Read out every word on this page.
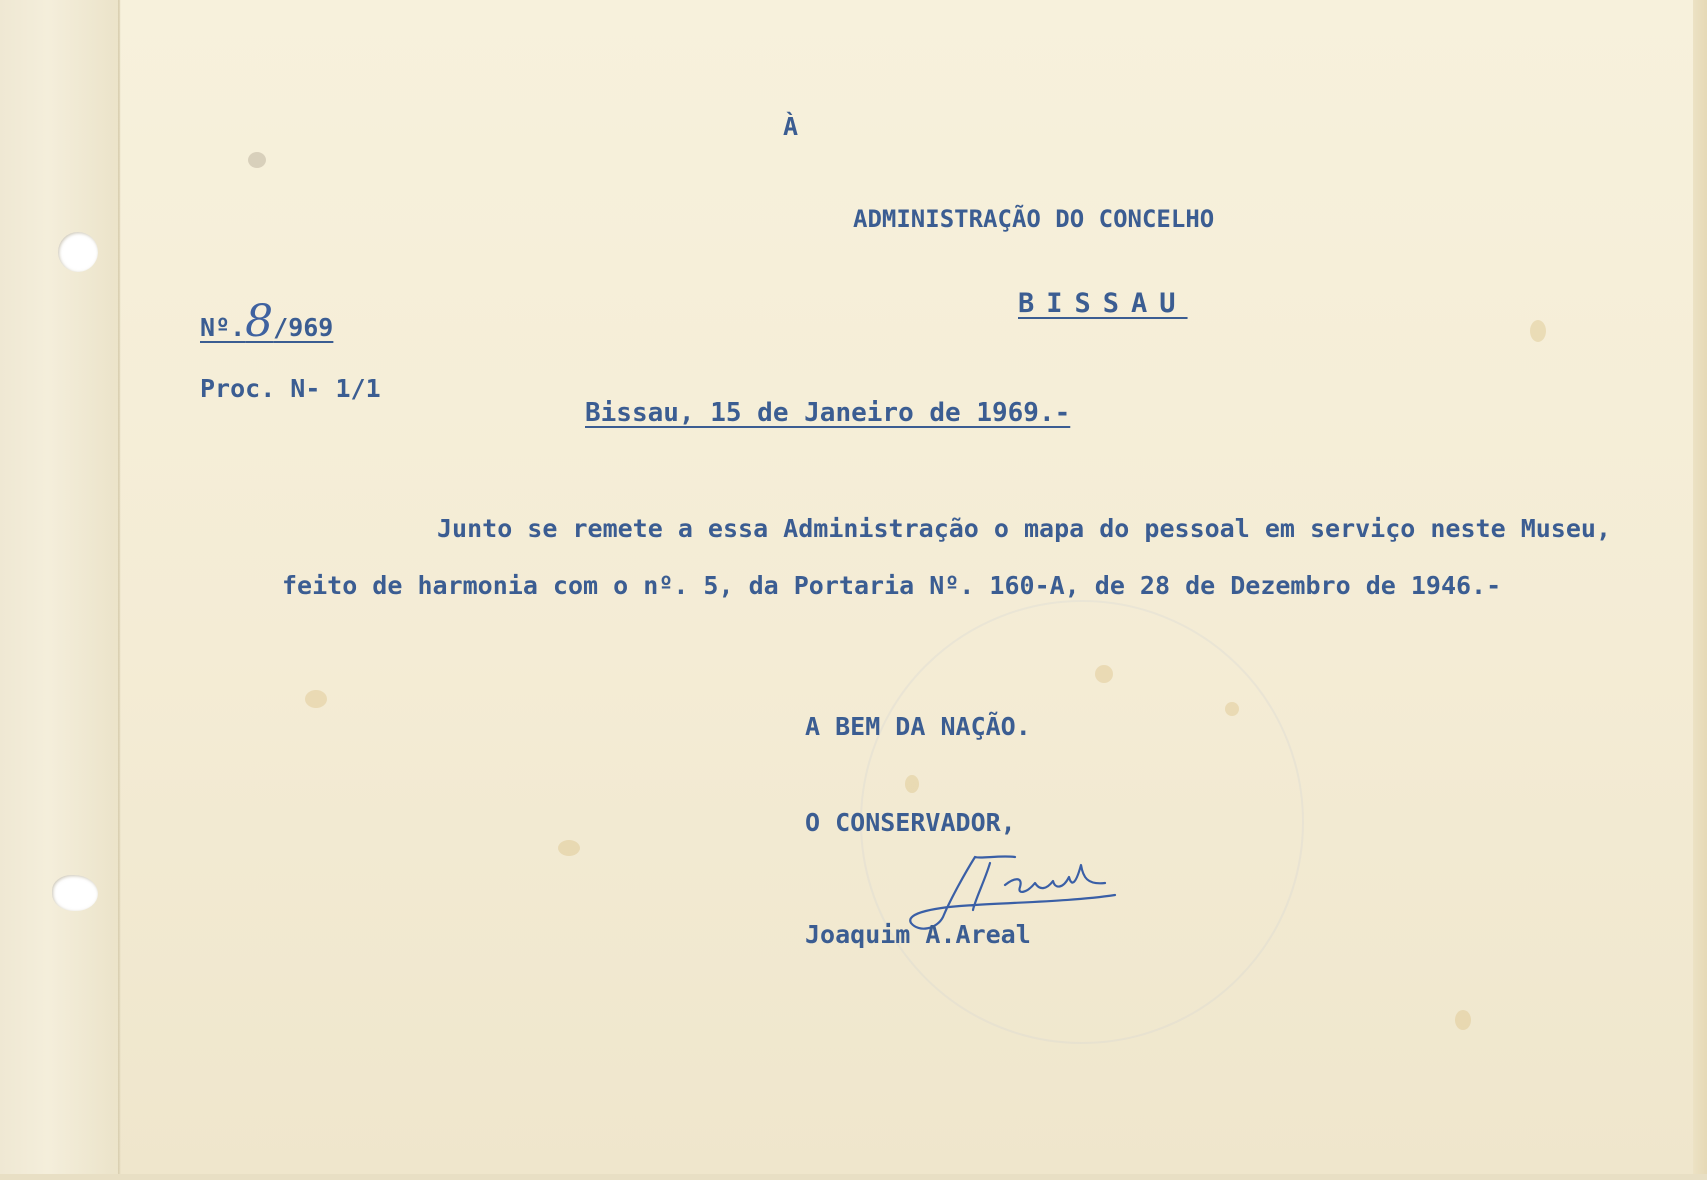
À
ADMINISTRAÇÃO DO CONCELHO
BISSAU
Nº.8/969
Proc. N- 1/1
Bissau, 15 de Janeiro de 1969.-
Junto se remete a essa Administração o mapa do pessoal em serviço neste Museu, feito de harmonia com o nº. 5, da Portaria Nº. 160-A, de 28 de Dezembro de 1946.-
A BEM DA NAÇÃO.
O CONSERVADOR,
Joaquim A.Areal
